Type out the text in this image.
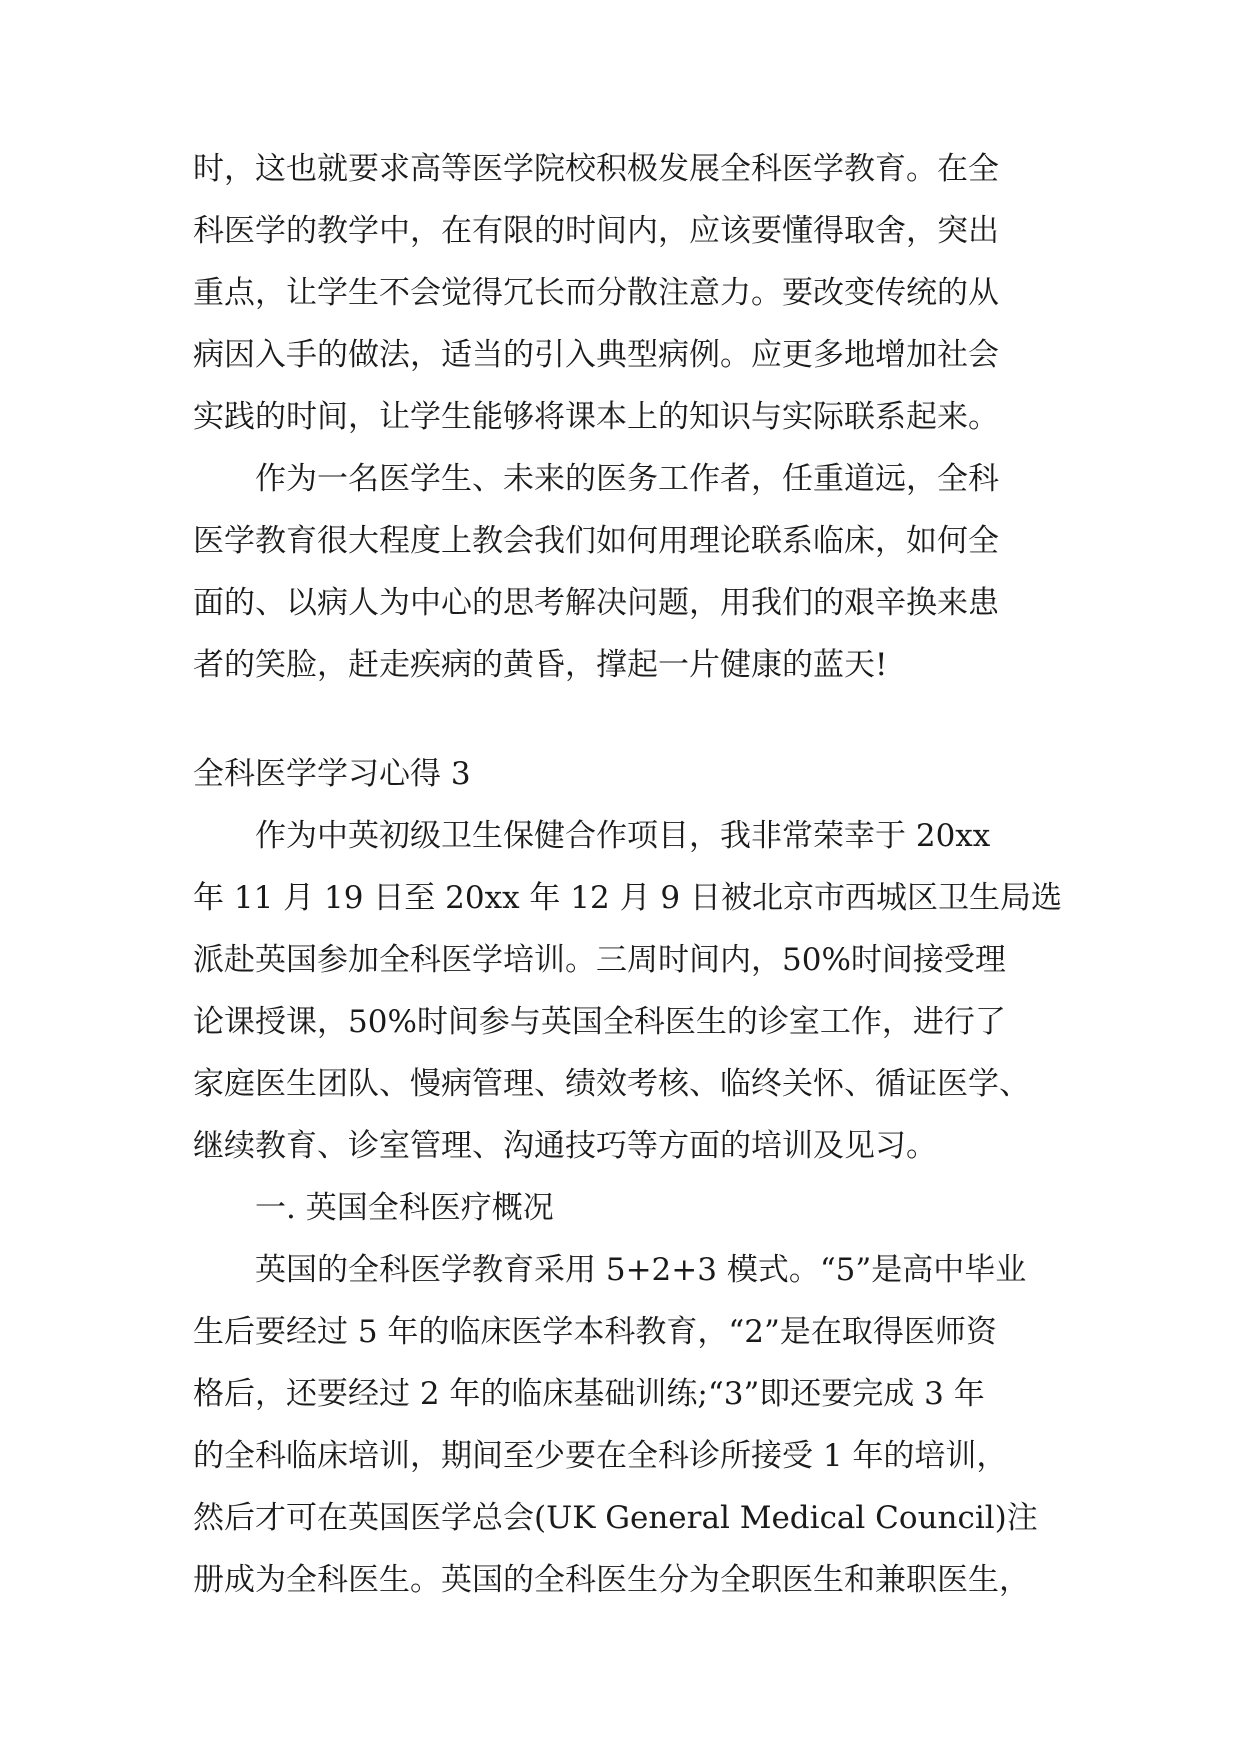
时，这也就要求高等医学院校积极发展全科医学教育。在全
科医学的教学中，在有限的时间内，应该要懂得取舍，突出
重点，让学生不会觉得冗长而分散注意力。要改变传统的从
病因入手的做法，适当的引入典型病例。应更多地增加社会
实践的时间，让学生能够将课本上的知识与实际联系起来。
作为一名医学生、未来的医务工作者，任重道远，全科
医学教育很大程度上教会我们如何用理论联系临床，如何全
面的、以病人为中心的思考解决问题，用我们的艰辛换来患
者的笑脸，赶走疾病的黄昏，撑起一片健康的蓝天!
全科医学学习心得 3
作为中英初级卫生保健合作项目，我非常荣幸于 20xx
年 11 月 19 日至 20xx 年 12 月 9 日被北京市西城区卫生局选
派赴英国参加全科医学培训。三周时间内，50%时间接受理
论课授课，50%时间参与英国全科医生的诊室工作，进行了
家庭医生团队、慢病管理、绩效考核、临终关怀、循证医学、
继续教育、诊室管理、沟通技巧等方面的培训及见习。
一. 英国全科医疗概况
英国的全科医学教育采用 5+2+3 模式。“5”是高中毕业
生后要经过 5 年的临床医学本科教育，“2”是在取得医师资
格后，还要经过 2 年的临床基础训练;“3”即还要完成 3 年
的全科临床培训，期间至少要在全科诊所接受 1 年的培训，
然后才可在英国医学总会(UK General Medical Council)注
册成为全科医生。英国的全科医生分为全职医生和兼职医生，
